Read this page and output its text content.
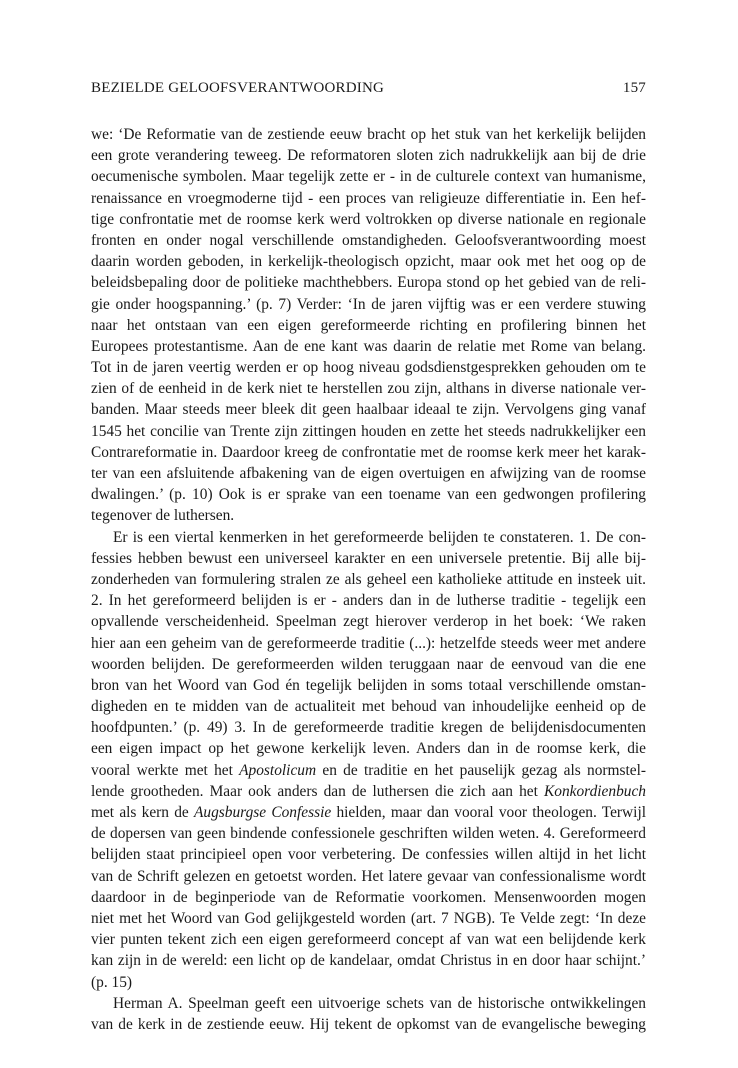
BEZIELDE GELOOFSVERANTWOORDING	157
we: ‘De Reformatie van de zestiende eeuw bracht op het stuk van het kerkelijk belijden
een grote verandering teweeg. De reformatoren sloten zich nadrukkelijk aan bij de drie
oecumenische symbolen. Maar tegelijk zette er - in de culturele context van humanisme,
renaissance en vroegmoderne tijd - een proces van religieuze differentiatie in. Een hef-
tige confrontatie met de roomse kerk werd voltrokken op diverse nationale en regionale
fronten en onder nogal verschillende omstandigheden. Geloofsverantwoording moest
daarin worden geboden, in kerkelijk-theologisch opzicht, maar ook met het oog op de
beleidsbepaling door de politieke machthebbers. Europa stond op het gebied van de reli-
gie onder hoogspanning.’ (p. 7) Verder: ‘In de jaren vijftig was er een verdere stuwing
naar het ontstaan van een eigen gereformeerde richting en profilering binnen het
Europees protestantisme. Aan de ene kant was daarin de relatie met Rome van belang.
Tot in de jaren veertig werden er op hoog niveau godsdienstgesprekken gehouden om te
zien of de eenheid in de kerk niet te herstellen zou zijn, althans in diverse nationale ver-
banden. Maar steeds meer bleek dit geen haalbaar ideaal te zijn. Vervolgens ging vanaf
1545 het concilie van Trente zijn zittingen houden en zette het steeds nadrukkelijker een
Contrareformatie in. Daardoor kreeg de confrontatie met de roomse kerk meer het karak-
ter van een afsluitende afbakening van de eigen overtuigen en afwijzing van de roomse
dwalingen.’ (p. 10) Ook is er sprake van een toename van een gedwongen profilering
tegenover de luthersen.
Er is een viertal kenmerken in het gereformeerde belijden te constateren. 1. De con-
fessies hebben bewust een universeel karakter en een universele pretentie. Bij alle bij-
zonderheden van formulering stralen ze als geheel een katholieke attitude en insteek uit.
2. In het gereformeerd belijden is er - anders dan in de lutherse traditie - tegelijk een
opvallende verscheidenheid. Speelman zegt hierover verderop in het boek: ‘We raken
hier aan een geheim van de gereformeerde traditie (...): hetzelfde steeds weer met andere
woorden belijden. De gereformeerden wilden teruggaan naar de eenvoud van die ene
bron van het Woord van God én tegelijk belijden in soms totaal verschillende omstan-
digheden en te midden van de actualiteit met behoud van inhoudelijke eenheid op de
hoofdpunten.’ (p. 49) 3. In de gereformeerde traditie kregen de belijdenisdocumenten
een eigen impact op het gewone kerkelijk leven. Anders dan in de roomse kerk, die
vooral werkte met het Apostolicum en de traditie en het pauselijk gezag als normstel-
lende grootheden. Maar ook anders dan de luthersen die zich aan het Konkordienbuch
met als kern de Augsburgse Confessie hielden, maar dan vooral voor theologen. Terwijl
de dopersen van geen bindende confessionele geschriften wilden weten. 4. Gereformeerd
belijden staat principieel open voor verbetering. De confessies willen altijd in het licht
van de Schrift gelezen en getoetst worden. Het latere gevaar van confessionalisme wordt
daardoor in de beginperiode van de Reformatie voorkomen. Mensenwoorden mogen
niet met het Woord van God gelijkgesteld worden (art. 7 NGB). Te Velde zegt: ‘In deze
vier punten tekent zich een eigen gereformeerd concept af van wat een belijdende kerk
kan zijn in de wereld: een licht op de kandelaar, omdat Christus in en door haar schijnt.’
(p. 15)
Herman A. Speelman geeft een uitvoerige schets van de historische ontwikkelingen
van de kerk in de zestiende eeuw. Hij tekent de opkomst van de evangelische beweging
